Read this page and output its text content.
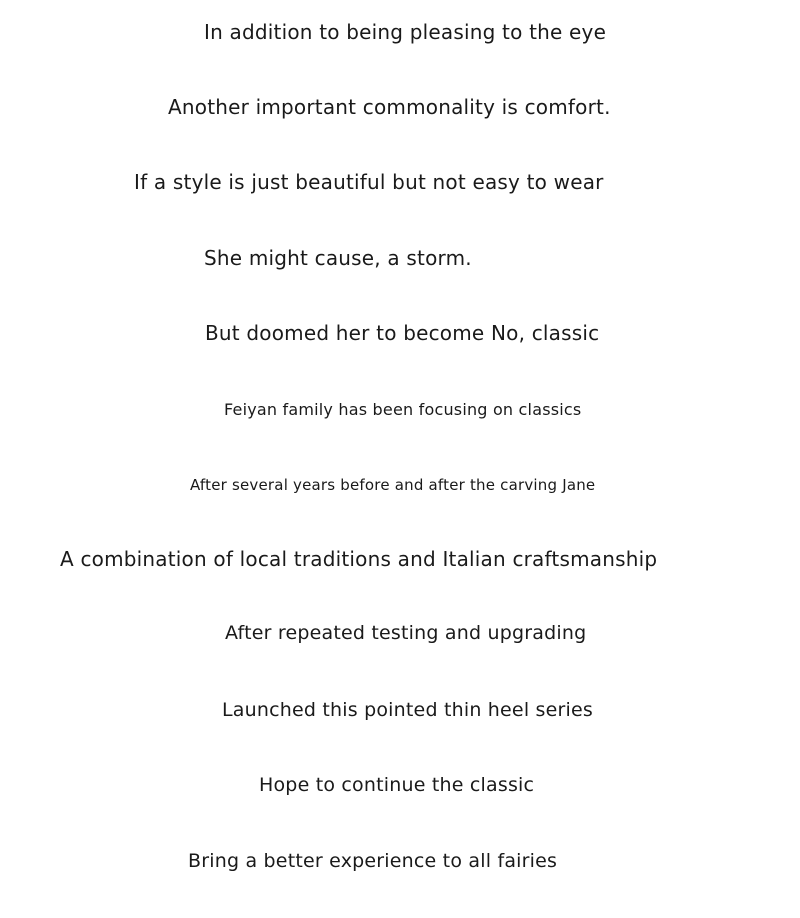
In addition to being pleasing to the eye
Another important commonality is comfort.
If a style is just beautiful but not easy to wear
She might cause, a storm.
But doomed her to become No, classic
Feiyan family has been focusing on classics
After several years before and after the carving Jane
A combination of local traditions and Italian craftsmanship
After repeated testing and upgrading
Launched this pointed thin heel series
Hope to continue the classic
Bring a better experience to all fairies
